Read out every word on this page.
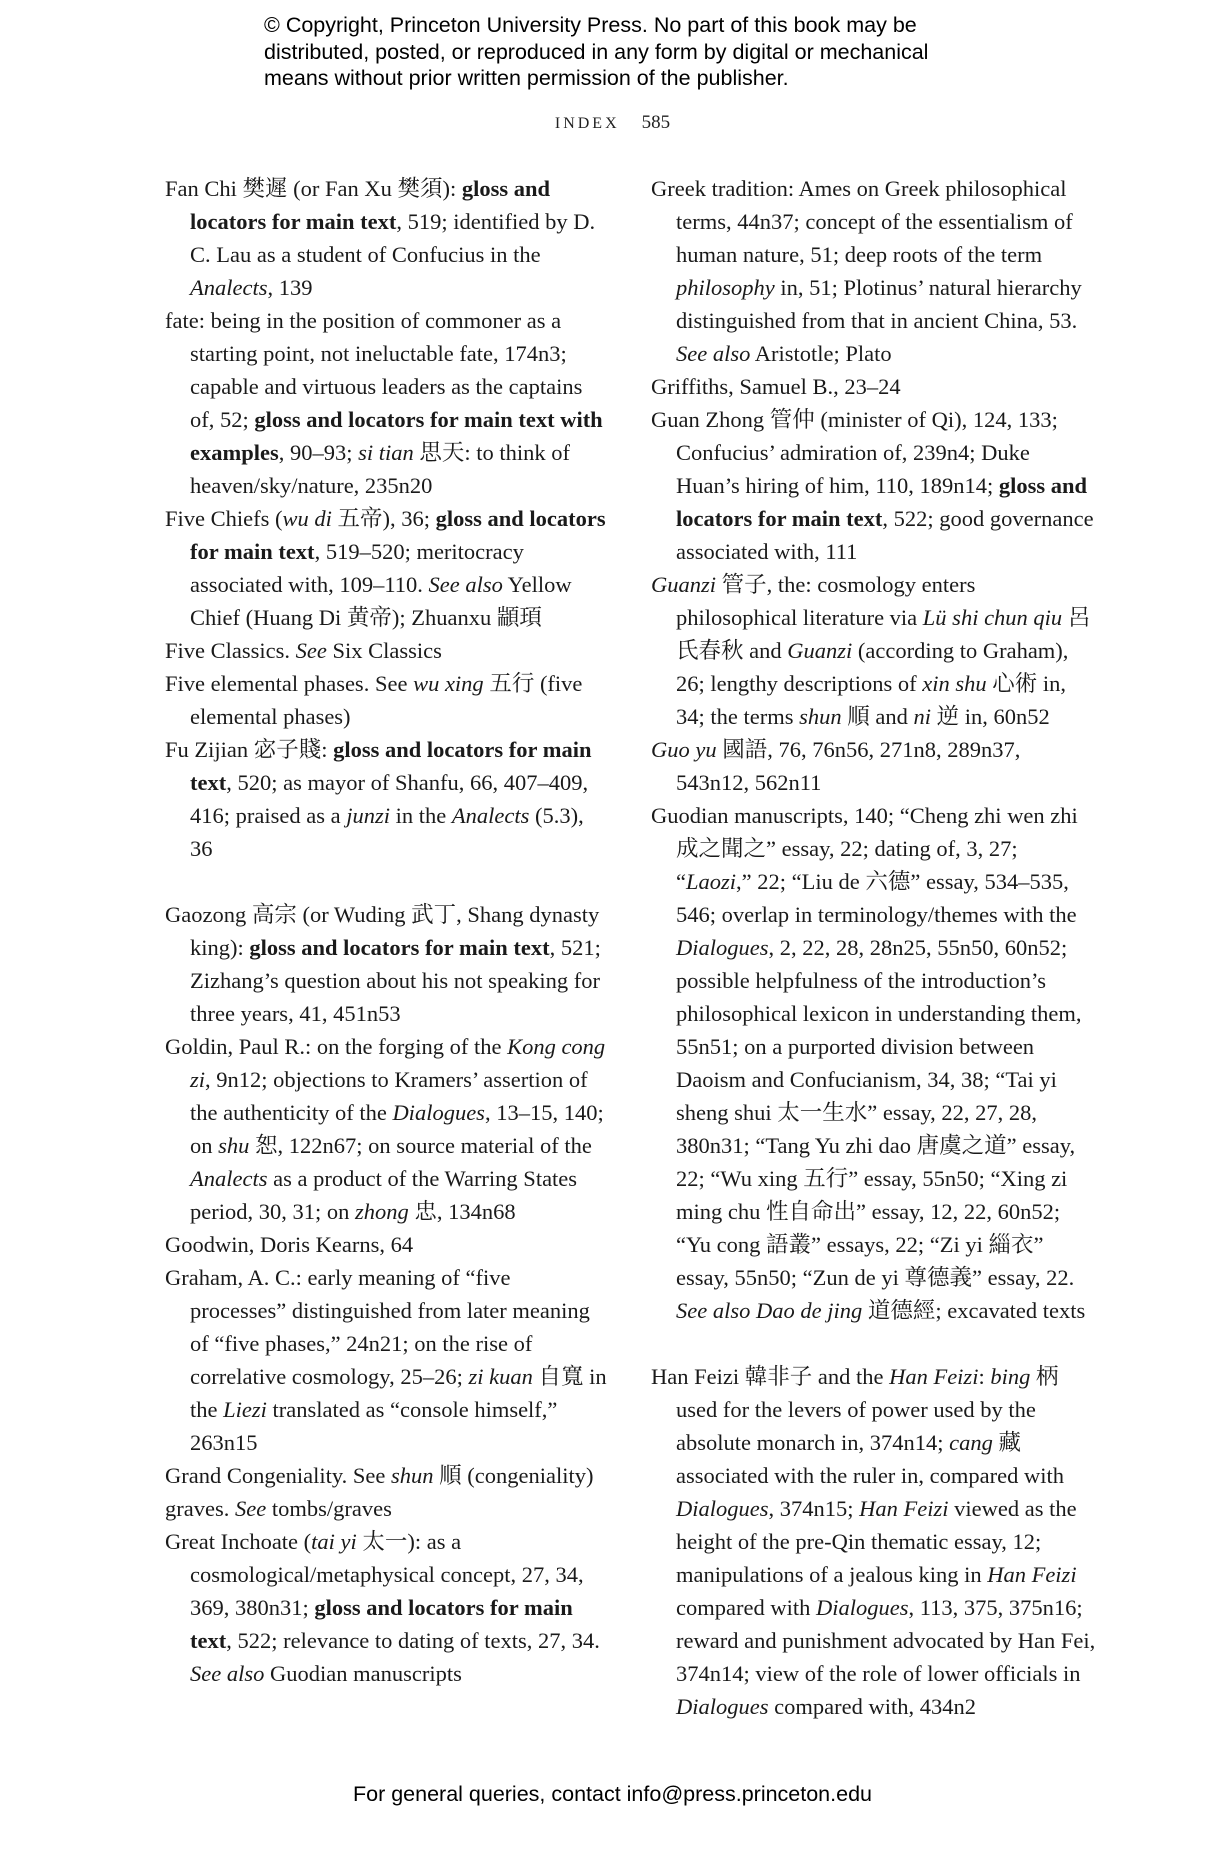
© Copyright, Princeton University Press. No part of this book may be distributed, posted, or reproduced in any form by digital or mechanical means without prior written permission of the publisher.
INDEX 585

Fan Chi 樊遲 (or Fan Xu 樊須): gloss and locators for main text, 519; identified by D. C. Lau as a student of Confucius in the Analects, 139

fate: being in the position of commoner as a starting point, not ineluctable fate, 174n3; capable and virtuous leaders as the captains of, 52; gloss and locators for main text with examples, 90–93; si tian 思天: to think of heaven/sky/nature, 235n20

Five Chiefs (wu di 五帝), 36; gloss and locators for main text, 519–520; meritocracy associated with, 109–110. See also Yellow Chief (Huang Di 黄帝); Zhuanxu 顓頊

Five Classics. See Six Classics

Five elemental phases. See wu xing 五行 (five elemental phases)

Fu Zijian 宓子賤: gloss and locators for main text, 520; as mayor of Shanfu, 66, 407–409, 416; praised as a junzi in the Analects (5.3), 36

Gaozong 高宗 (or Wuding 武丁, Shang dynasty king): gloss and locators for main text, 521; Zizhang’s question about his not speaking for three years, 41, 451n53

Goldin, Paul R.: on the forging of the Kong cong zi, 9n12; objections to Kramers’ assertion of the authenticity of the Dialogues, 13–15, 140; on shu 恕, 122n67; on source material of the Analects as a product of the Warring States period, 30, 31; on zhong 忠, 134n68

Goodwin, Doris Kearns, 64

Graham, A. C.: early meaning of “five processes” distinguished from later meaning of “five phases,” 24n21; on the rise of correlative cosmology, 25–26; zi kuan 自寬 in the Liezi translated as “console himself,” 263n15

Grand Congeniality. See shun 順 (congeniality)

graves. See tombs/graves

Great Inchoate (tai yi 太一): as a cosmological/metaphysical concept, 27, 34, 369, 380n31; gloss and locators for main text, 522; relevance to dating of texts, 27, 34. See also Guodian manuscripts

Greek tradition: Ames on Greek philosophical terms, 44n37; concept of the essentialism of human nature, 51; deep roots of the term philosophy in, 51; Plotinus’ natural hierarchy distinguished from that in ancient China, 53. See also Aristotle; Plato

Griffiths, Samuel B., 23–24

Guan Zhong 管仲 (minister of Qi), 124, 133; Confucius’ admiration of, 239n4; Duke Huan’s hiring of him, 110, 189n14; gloss and locators for main text, 522; good governance associated with, 111

Guanzi 管子, the: cosmology enters philosophical literature via Lü shi chun qiu 呂氏春秋 and Guanzi (according to Graham), 26; lengthy descriptions of xin shu 心術 in, 34; the terms shun 順 and ni 逆 in, 60n52

Guo yu 國語, 76, 76n56, 271n8, 289n37, 543n12, 562n11

Guodian manuscripts, 140; “Cheng zhi wen zhi 成之聞之” essay, 22; dating of, 3, 27; “Laozi,” 22; “Liu de 六德” essay, 534–535, 546; overlap in terminology/themes with the Dialogues, 2, 22, 28, 28n25, 55n50, 60n52; possible helpfulness of the introduction’s philosophical lexicon in understanding them, 55n51; on a purported division between Daoism and Confucianism, 34, 38; “Tai yi sheng shui 太一生水” essay, 22, 27, 28, 380n31; “Tang Yu zhi dao 唐虞之道” essay, 22; “Wu xing 五行” essay, 55n50; “Xing zi ming chu 性自命出” essay, 12, 22, 60n52; “Yu cong 語叢” essays, 22; “Zi yi 緇衣” essay, 55n50; “Zun de yi 尊德義” essay, 22. See also Dao de jing 道德經; excavated texts

Han Feizi 韓非子 and the Han Feizi: bing 柄 used for the levers of power used by the absolute monarch in, 374n14; cang 藏 associated with the ruler in, compared with Dialogues, 374n15; Han Feizi viewed as the height of the pre-Qin thematic essay, 12; manipulations of a jealous king in Han Feizi compared with Dialogues, 113, 375, 375n16; reward and punishment advocated by Han Fei, 374n14; view of the role of lower officials in Dialogues compared with, 434n2

For general queries, contact info@press.princeton.edu
